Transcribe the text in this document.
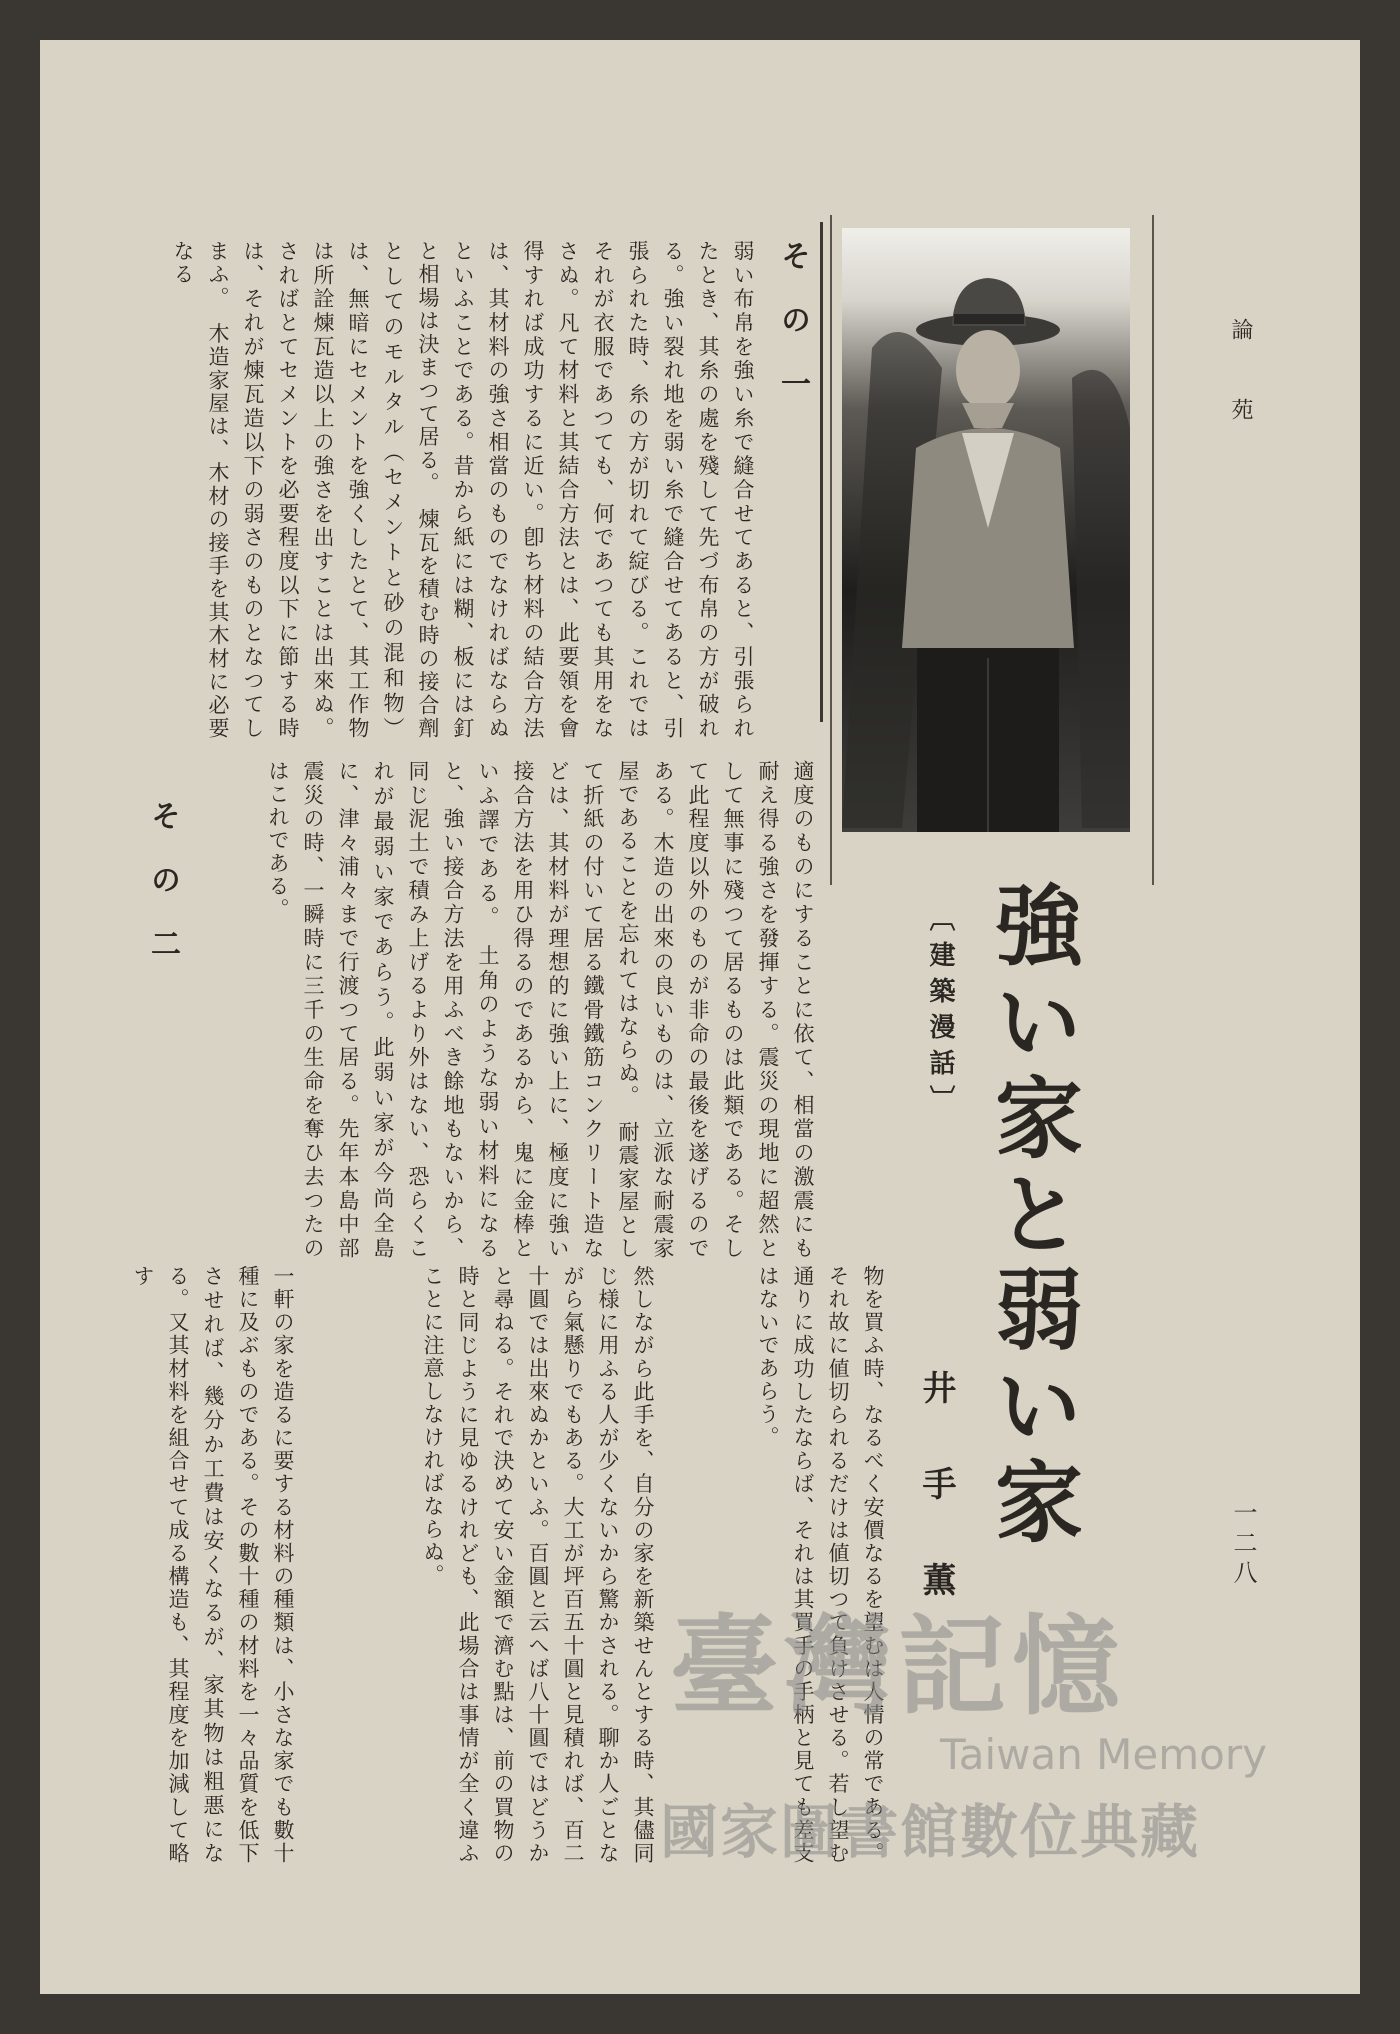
論　苑
一二八
強い家と弱い家
〔建築漫話〕
井　手　薫
物を買ふ時、なるべく安價なるを望むは人情の常である。それ故に値切られるだけは値切つて負けさせる。若し望む通りに成功したならば、それは其買手の手柄と見ても差支はないであらう。
然しながら此手を、自分の家を新築せんとする時、其儘同じ様に用ふる人が少くないから驚かされる。聊か人ごとながら氣懸りでもある。大工が坪百五十圓と見積れば、百二十圓では出來ぬかといふ。百圓と云へば八十圓ではどうかと尋ねる。それで決めて安い金額で濟む點は、前の買物の時と同じように見ゆるけれども、此場合は事情が全く違ふことに注意しなければならぬ。
一軒の家を造るに要する材料の種類は、小さな家でも數十種に及ぶものである。その數十種の材料を一々品質を低下させれば、幾分か工費は安くなるが、家其物は粗悪になる。又其材料を組合せて成る構造も、其程度を加減して略す
適度のものにすることに依て、相當の激震にも耐え得る強さを發揮する。震災の現地に超然として無事に殘つて居るものは此類である。そして此程度以外のものが非命の最後を遂げるのである。木造の出來の良いものは、立派な耐震家屋であることを忘れてはならぬ。　耐震家屋として折紙の付いて居る鐵骨鐵筋コンクリート造などは、其材料が理想的に強い上に、極度に強い接合方法を用ひ得るのであるから、鬼に金棒といふ譯である。　土角のような弱い材料になると、強い接合方法を用ふべき餘地もないから、同じ泥土で積み上げるより外はない、恐らくこれが最弱い家であらう。此弱い家が今尚全島に、津々浦々まで行渡つて居る。先年本島中部震災の時、一瞬時に三千の生命を奪ひ去つたのはこれである。
その一
弱い布帛を強い糸で縫合せてあると、引張られたとき、其糸の處を殘して先づ布帛の方が破れる。強い裂れ地を弱い糸で縫合せてあると、引張られた時、糸の方が切れて綻びる。これではそれが衣服であつても、何であつても其用をなさぬ。凡て材料と其結合方法とは、此要領を會得すれば成功するに近い。卽ち材料の結合方法は、其材料の強さ相當のものでなければならぬといふことである。昔から紙には糊、板には釘と相場は決まつて居る。　煉瓦を積む時の接合劑としてのモルタル（セメントと砂の混和物）は、無暗にセメントを強くしたとて、其工作物は所詮煉瓦造以上の強さを出すことは出來ぬ。さればとてセメントを必要程度以下に節する時は、それが煉瓦造以下の弱さのものとなつてしまふ。　木造家屋は、木材の接手を其木材に必要なる
その二
臺灣記憶
Taiwan Memory
國家圖書館數位典藏
